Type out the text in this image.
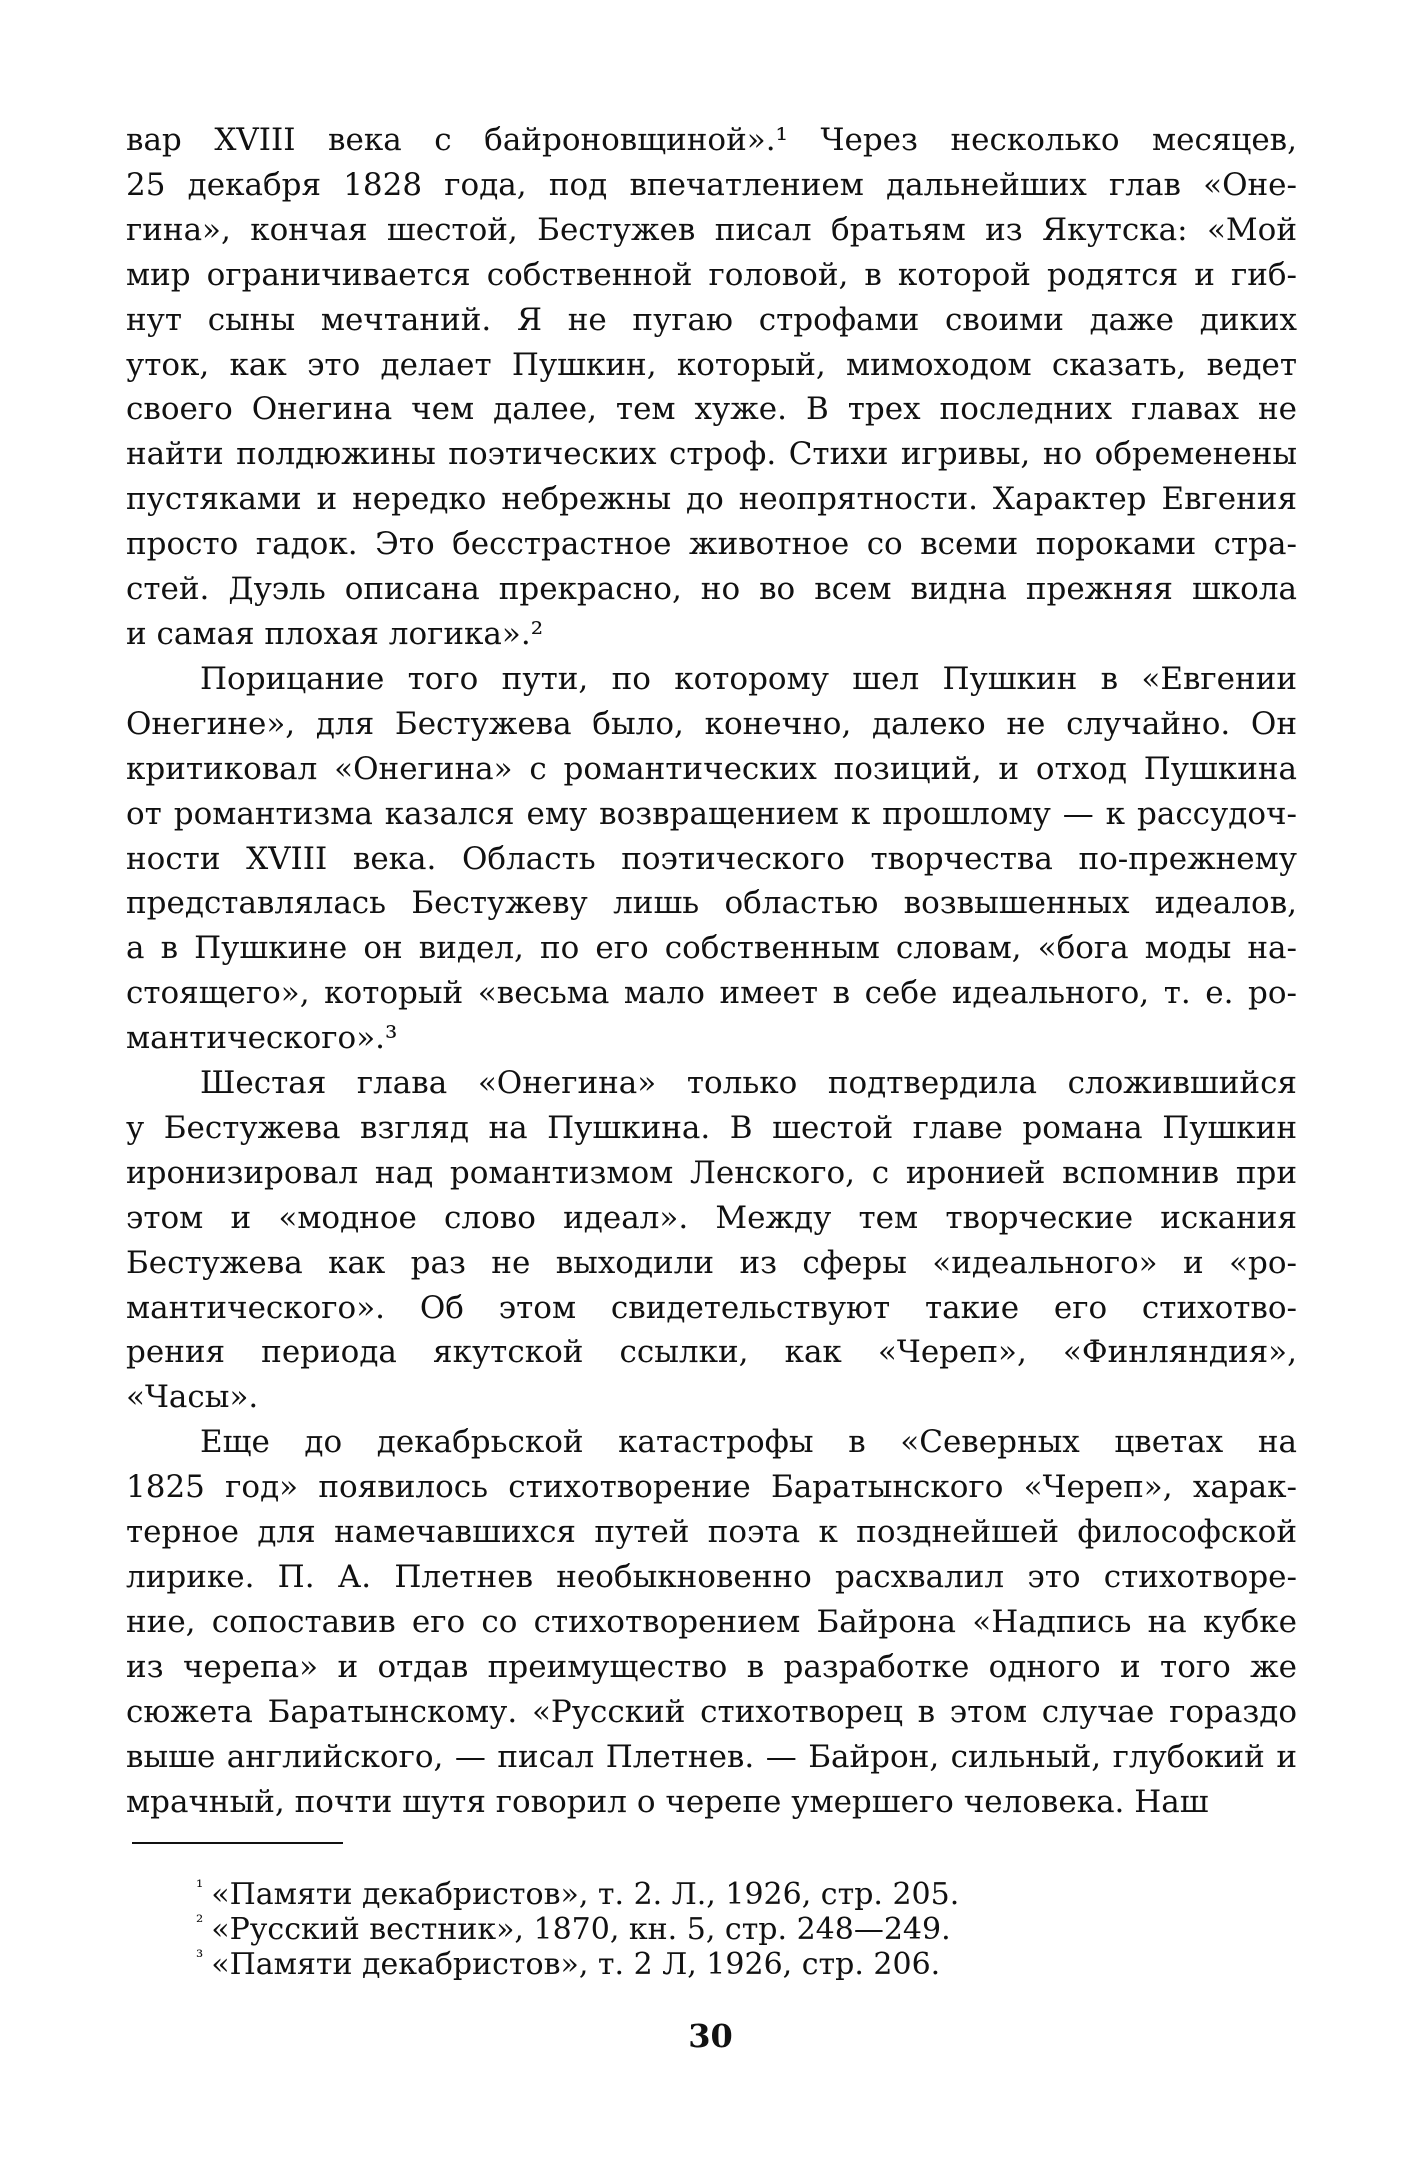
вар XVIII века с байроновщиной».¹ Через несколько месяцев,
25 декабря 1828 года, под впечатлением дальнейших глав «Оне-
гина», кончая шестой, Бестужев писал братьям из Якутска: «Мой
мир ограничивается собственной головой, в которой родятся и гиб-
нут сыны мечтаний. Я не пугаю строфами своими даже диких
уток, как это делает Пушкин, который, мимоходом сказать, ведет
своего Онегина чем далее, тем хуже. В трех последних главах не
найти полдюжины поэтических строф. Стихи игривы, но обременены
пустяками и нередко небрежны до неопрятности. Характер Евгения
просто гадок. Это бесстрастное животное со всеми пороками стра-
стей. Дуэль описана прекрасно, но во всем видна прежняя школа
и самая плохая логика».²
Порицание того пути, по которому шел Пушкин в «Евгении
Онегине», для Бестужева было, конечно, далеко не случайно. Он
критиковал «Онегина» с романтических позиций, и отход Пушкина
от романтизма казался ему возвращением к прошлому — к рассудоч-
ности XVIII века. Область поэтического творчества по-прежнему
представлялась Бестужеву лишь областью возвышенных идеалов,
а в Пушкине он видел, по его собственным словам, «бога моды на-
стоящего», который «весьма мало имеет в себе идеального, т. е. ро-
мантического».³
Шестая глава «Онегина» только подтвердила сложившийся
у Бестужева взгляд на Пушкина. В шестой главе романа Пушкин
иронизировал над романтизмом Ленского, с иронией вспомнив при
этом и «модное слово идеал». Между тем творческие искания
Бестужева как раз не выходили из сферы «идеального» и «ро-
мантического». Об этом свидетельствуют такие его стихотво-
рения периода якутской ссылки, как «Череп», «Финляндия»,
«Часы».
Еще до декабрьской катастрофы в «Северных цветах на
1825 год» появилось стихотворение Баратынского «Череп», харак-
терное для намечавшихся путей поэта к позднейшей философской
лирике. П. А. Плетнев необыкновенно расхвалил это стихотворе-
ние, сопоставив его со стихотворением Байрона «Надпись на кубке
из черепа» и отдав преимущество в разработке одного и того же
сюжета Баратынскому. «Русский стихотворец в этом случае гораздо
выше английского, — писал Плетнев. — Байрон, сильный, глубокий и
мрачный, почти шутя говорил о черепе умершего человека. Наш

$^{^1}$ «Памяти декабристов», т. 2. Л., 1926, стр. 205.

$^{^2}$ «Русский вестник», 1870, кн. 5, стр. 248—249.

$^{^3}$ «Памяти декабристов», т. 2 Л, 1926, стр. 206.

30
